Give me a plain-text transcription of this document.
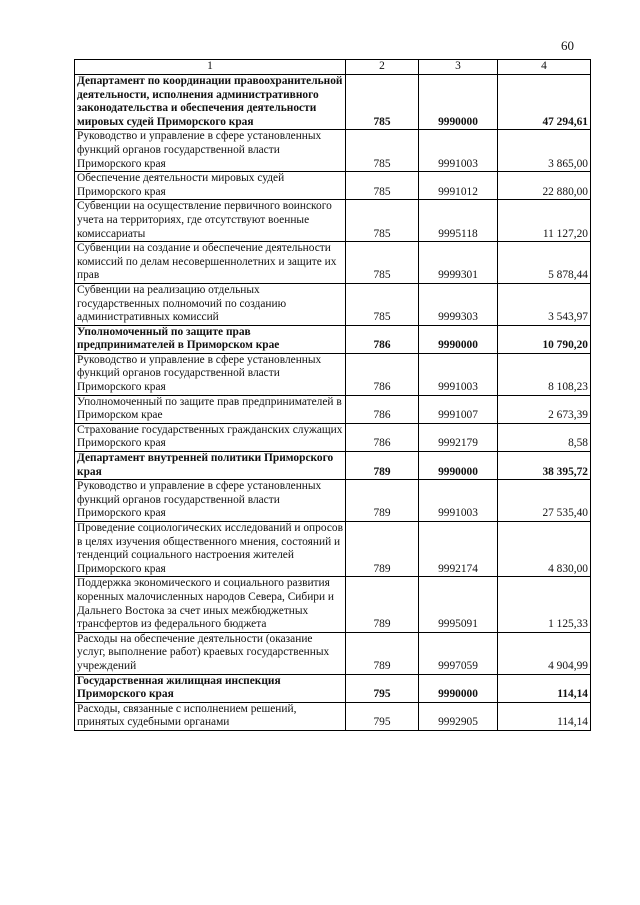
60
1	2	3	4
Департамент по координации правоохранительной деятельности, исполнения административного законодательства и обеспечения деятельности мировых судей Приморского края	785	9990000	47 294,61
Руководство и управление в сфере установленных функций органов государственной власти Приморского края	785	9991003	3 865,00
Обеспечение деятельности мировых судей Приморского края	785	9991012	22 880,00
Субвенции на осуществление первичного воинского учета на территориях, где отсутствуют военные комиссариаты	785	9995118	11 127,20
Субвенции на создание и обеспечение деятельности комиссий по делам несовершеннолетних и защите их прав	785	9999301	5 878,44
Субвенции на реализацию отдельных государственных полномочий по созданию административных комиссий	785	9999303	3 543,97
Уполномоченный по защите прав предпринимателей в Приморском крае	786	9990000	10 790,20
Руководство и управление в сфере установленных функций органов государственной власти Приморского края	786	9991003	8 108,23
Уполномоченный по защите прав предпринимателей в Приморском крае	786	9991007	2 673,39
Страхование государственных гражданских служащих Приморского края	786	9992179	8,58
Департамент внутренней политики Приморского края	789	9990000	38 395,72
Руководство и управление в сфере установленных функций органов государственной власти Приморского края	789	9991003	27 535,40
Проведение социологических исследований и опросов в целях изучения общественного мнения, состояний и тенденций социального настроения жителей Приморского края	789	9992174	4 830,00
Поддержка экономического и социального развития коренных малочисленных народов Севера, Сибири и Дальнего Востока за счет иных межбюджетных трансфертов из федерального бюджета	789	9995091	1 125,33
Расходы на обеспечение деятельности (оказание услуг, выполнение работ) краевых государственных учреждений	789	9997059	4 904,99
Государственная жилищная инспекция Приморского края	795	9990000	114,14
Расходы, связанные с исполнением решений, принятых судебными органами	795	9992905	114,14
